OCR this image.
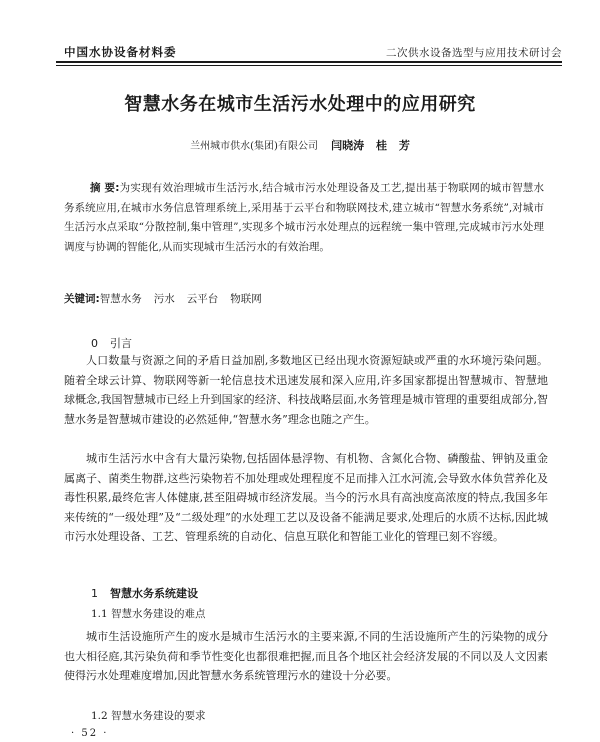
中国水协设备材料委	二次供水设备选型与应用技术研讨会
智慧水务在城市生活污水处理中的应用研究
兰州城市供水(集团)有限公司 闫晓涛 桂 芳
摘 要:为实现有效治理城市生活污水,结合城市污水处理设备及工艺,提出基于物联网的城市智慧水务系统应用,在城市水务信息管理系统上,采用基于云平台和物联网技术,建立城市“智慧水务系统”,对城市生活污水点采取“分散控制,集中管理”,实现多个城市污水处理点的远程统一集中管理,完成城市污水处理调度与协调的智能化,从而实现城市生活污水的有效治理。
关键词:智慧水务 污水 云平台 物联网
0 引言

人口数量与资源之间的矛盾日益加剧,多数地区已经出现水资源短缺或严重的水环境污染问题。随着全球云计算、物联网等新一轮信息技术迅速发展和深入应用,许多国家都提出智慧城市、智慧地球概念,我国智慧城市已经上升到国家的经济、科技战略层面,水务管理是城市管理的重要组成部分,智慧水务是智慧城市建设的必然延伸,“智慧水务”理念也随之产生。

城市生活污水中含有大量污染物,包括固体悬浮物、有机物、含氮化合物、磷酸盐、钾钠及重金属离子、菌类生物群,这些污染物若不加处理或处理程度不足而排入江水河流,会导致水体负营养化及毒性积累,最终危害人体健康,甚至阻碍城市经济发展。当今的污水具有高浊度高浓度的特点,我国多年来传统的“一级处理”及“二级处理”的水处理工艺以及设备不能满足要求,处理后的水质不达标,因此城市污水处理设备、工艺、管理系统的自动化、信息互联化和智能工业化的管理已刻不容缓。

1 智慧水务系统建设
1.1 智慧水务建设的难点

城市生活设施所产生的废水是城市生活污水的主要来源,不同的生活设施所产生的污染物的成分也大相径庭,其污染负荷和季节性变化也都很难把握,而且各个地区社会经济发展的不同以及人文因素使得污水处理难度增加,因此智慧水务系统管理污水的建设十分必要。

1.2 智慧水务建设的要求
· 52 ·
